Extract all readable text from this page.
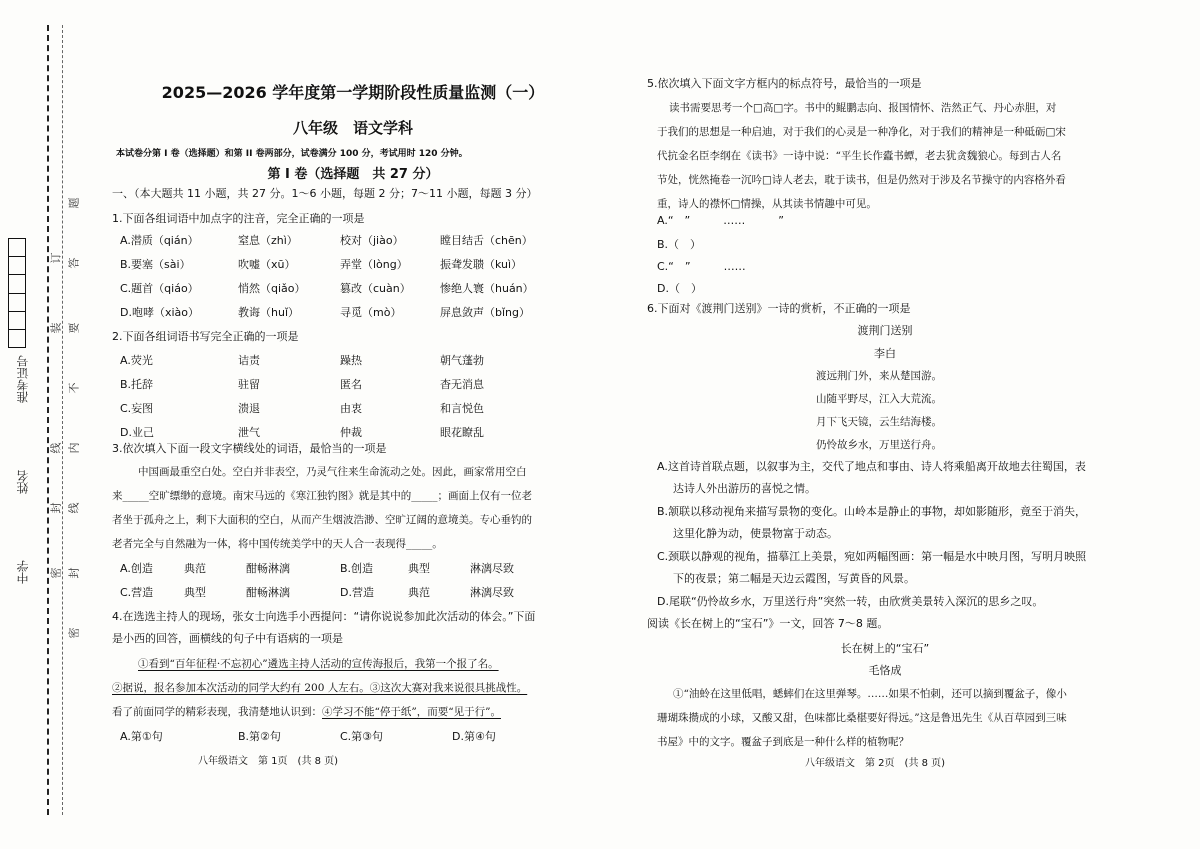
中学
姓名
准考证号
题
答
要
不
内
线
封
密
订
装
线
封
密
2025—2026 学年度第一学期阶段性质量监测（一）
八年级　语文学科
本试卷分第 I 卷（选择题）和第 II 卷两部分，试卷满分 100 分，考试用时 120 分钟。
第 I 卷（选择题　共 27 分）
一、（本大题共 11 小题，共 27 分。1～6 小题，每题 2 分；7～11 小题，每题 3 分）
1.下面各组词语中加点字的注音，完全正确的一项是
A.潜质（qián）	窒息（zhì）	校对（jiào）	瞠目结舌（chēn）
B.要塞（sài）	吹嘘（xū）	弄堂（lòng）	振聋发聩（kuì）
C.题首（qiáo）	悄然（qiǎo）	篡改（cuàn）	惨绝人寰（huán）
D.咆哮（xiào）	教诲（huǐ）	寻觅（mò）	屏息敛声（bǐng）
2.下面各组词语书写完全正确的一项是
A.荧光	诘责	躁热	朝气蓬勃
B.托辞	驻留	匿名	杳无消息
C.妄图	溃退	由衷	和言悦色
D.业己	泄气	仲裁	眼花瞭乱
3.依次填入下面一段文字横线处的词语，最恰当的一项是
中国画最重空白处。空白并非表空，乃灵气往来生命流动之处。因此，画家常用空白
来_____空旷缥缈的意境。南宋马远的《寒江独钓图》就是其中的_____；画面上仅有一位老
者坐于孤舟之上，剩下大面积的空白，从而产生烟波浩渺、空旷辽阔的意境美。专心垂钓的
老者完全与自然融为一体，将中国传统美学中的天人合一表现得_____。
A.创造	典范	酣畅淋漓	B.创造	典型	淋漓尽致
C.营造	典型	酣畅淋漓	D.营造	典范	淋漓尽致
4.在选选主持人的现场，张女士向选手小西提问：“请你说说参加此次活动的体会。”下面
是小西的回答，画横线的句子中有语病的一项是
①看到“百年征程·不忘初心”遴选主持人活动的宣传海报后，我第一个报了名。
②据说，报名参加本次活动的同学大约有 200 人左右。③这次大赛对我来说很具挑战性。
看了前面同学的精彩表现，我清楚地认识到：④学习不能“停于纸”，而要“见于行”。
A.第①句	B.第②句	C.第③句	D.第④句
八年级语文　第 1页　(共 8 页)
5.依次填入下面文字方框内的标点符号，最恰当的一项是
读书需要思考一个□高□字。书中的鲲鹏志向、报国情怀、浩然正气、丹心赤胆，对
于我们的思想是一种启迪，对于我们的心灵是一种净化，对于我们的精神是一种砥砺□宋
代抗金名臣李纲在《读书》一诗中说：“平生长作蠹书蟫，老去犹贪魏狼心。每到古人名
节处，恍然掩卷一沉吟□诗人老去，耽于读书，但是仍然对于涉及名节操守的内容格外看
重，诗人的襟怀□情操，从其读书情趣中可见。
A.“　”　　　……　　　”
B.（　）
C.“　”　　　……
D.（　）
6.下面对《渡荆门送别》一诗的赏析，不正确的一项是
渡荆门送别
李白
渡远荆门外，来从楚国游。
山随平野尽，江入大荒流。
月下飞天镜，云生结海楼。
仍怜故乡水，万里送行舟。
A.这首诗首联点题，以叙事为主，交代了地点和事由、诗人将乘船离开故地去往蜀国，表
达诗人外出游历的喜悦之情。
B.颔联以移动视角来描写景物的变化。山岭本是静止的事物，却如影随形，竟至于消失，
这里化静为动，使景物富于动态。
C.颈联以静观的视角，描摹江上美景，宛如两幅图画：第一幅是水中映月图，写明月映照
下的夜景；第二幅是天边云霞图，写黄昏的风景。
D.尾联“仍怜故乡水，万里送行舟”突然一转，由欣赏美景转入深沉的思乡之叹。
阅读《长在树上的“宝石”》一文，回答 7～8 题。
长在树上的“宝石”
毛恪成
①“油蛉在这里低唱，蟋蟀们在这里弹琴。……如果不怕刺，还可以摘到覆盆子，像小
珊瑚珠攒成的小球，又酸又甜，色味都比桑椹要好得远。”这是鲁迅先生《从百草园到三味
书屋》中的文字。覆盆子到底是一种什么样的植物呢？
八年级语文　第 2页　(共 8 页)
